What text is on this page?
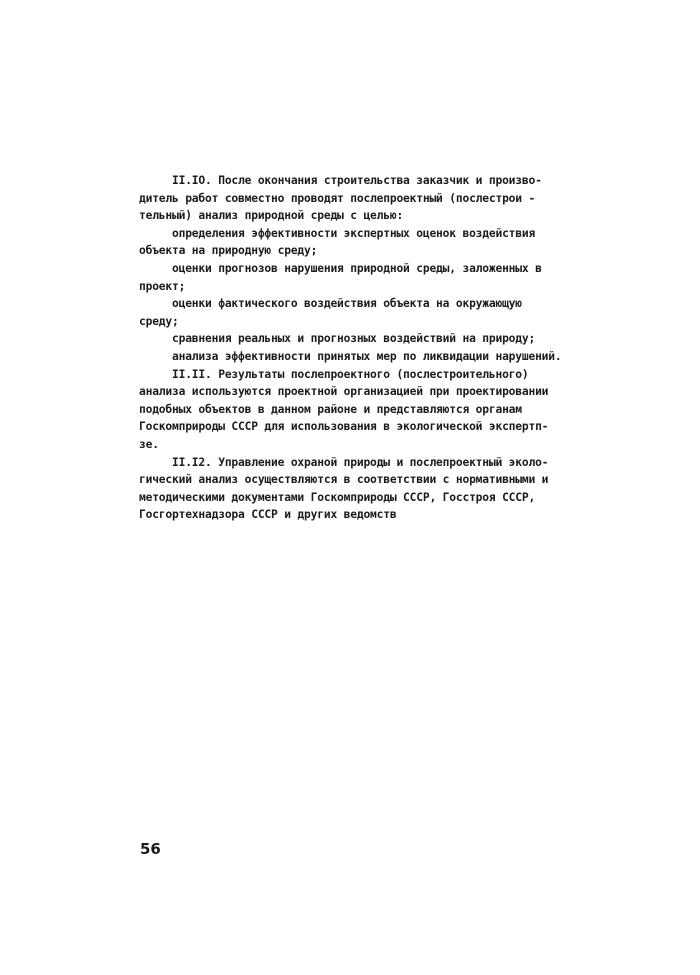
II.IO. После окончания строительства заказчик и произво-
дитель работ совместно проводят послепроектный (послестрои -
тельный) анализ природной среды с целью:
определения эффективности экспертных оценок воздействия
объекта на природную среду;
оценки прогнозов нарушения природной среды, заложенных в
проект;
оценки фактического воздействия объекта на окружающую
среду;
сравнения реальных и прогнозных воздействий на природу;
анализа эффективности принятых мер по ликвидации нарушений.
II.II. Результаты послепроектного (послестроительного)
анализа используются проектной организацией при проектировании
подобных объектов в данном районе и представляются органам
Госкомприроды СССР для использования в экологической экспертп-
зе.
II.I2. Управление охраной природы и послепроектный эколо-
гический анализ осуществляются в соответствии с нормативными и
методическими документами Госкомприроды СССР, Госстроя СССР,
Госгортехнадзора СССР и других ведомств
56
